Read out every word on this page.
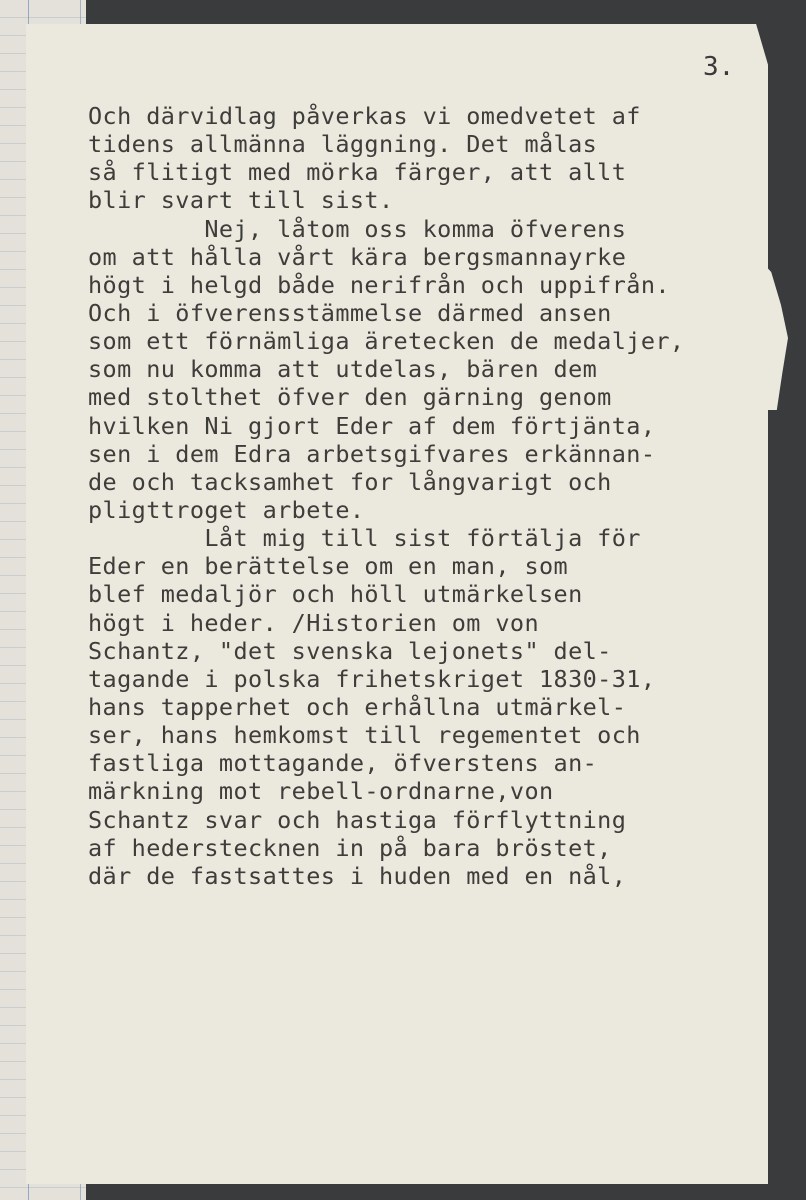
3.
Och därvidlag påverkas vi omedvetet af
tidens allmänna läggning. Det målas
så flitigt med mörka färger, att allt
blir svart till sist.
Nej, låtom oss komma öfverens
om att hålla vårt kära bergsmannayrke
högt i helgd både nerifrån och uppifrån.
Och i öfverensstämmelse därmed ansen
som ett förnämliga äretecken de medaljer,
som nu komma att utdelas, bären dem
med stolthet öfver den gärning genom
hvilken Ni gjort Eder af dem förtjänta,
sen i dem Edra arbetsgifvares erkännan-
de och tacksamhet for långvarigt och
pligttroget arbete.
Låt mig till sist förtälja för
Eder en berättelse om en man, som
blef medaljör och höll utmärkelsen
högt i heder. /Historien om von
Schantz, "det svenska lejonets" del-
tagande i polska frihetskriget 1830-31,
hans tapperhet och erhållna utmärkel-
ser, hans hemkomst till regementet och
fastliga mottagande, öfverstens an-
märkning mot rebell-ordnarne,von
Schantz svar och hastiga förflyttning
af hederstecknen in på bara bröstet,
där de fastsattes i huden med en nål,
